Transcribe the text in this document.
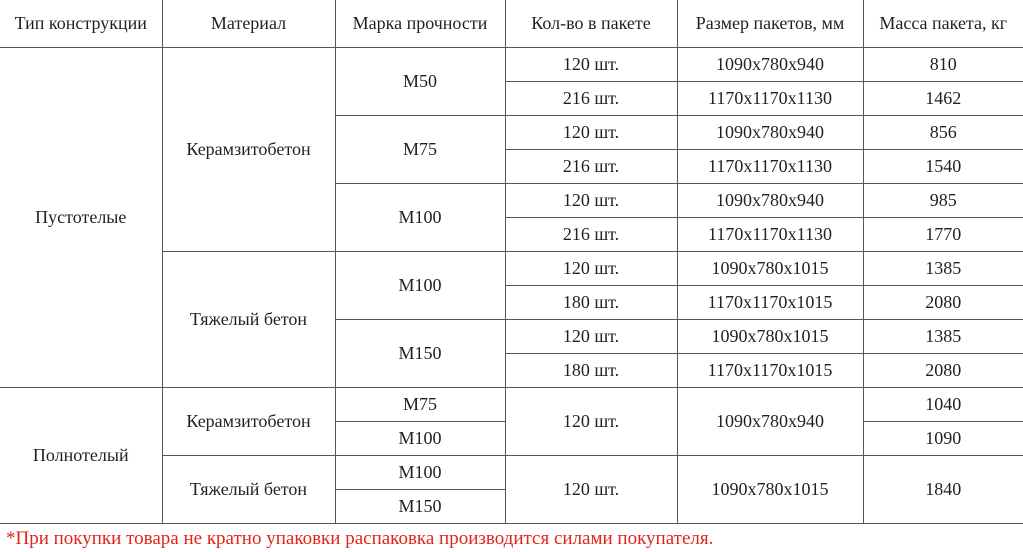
Тип конструкции	Материал	Марка прочности	Кол-во в пакете	Размер пакетов, мм	Масса пакета, кг
Пустотелые	Керамзитобетон	М50	120 шт.	1090х780х940	810
			216 шт.	1170х1170х1130	1462
		М75	120 шт.	1090х780х940	856
			216 шт.	1170х1170х1130	1540
		М100	120 шт.	1090х780х940	985
			216 шт.	1170х1170х1130	1770
	Тяжелый бетон	М100	120 шт.	1090х780х1015	1385
			180 шт.	1170х1170х1015	2080
		М150	120 шт.	1090х780х1015	1385
			180 шт.	1170х1170х1015	2080
Полнотелый	Керамзитобетон	М75	120 шт.	1090х780х940	1040
		М100			1090
	Тяжелый бетон	М100	120 шт.	1090х780х1015	1840
		М150			
*При покупки товара не кратно упаковки распаковка производится силами покупателя.
